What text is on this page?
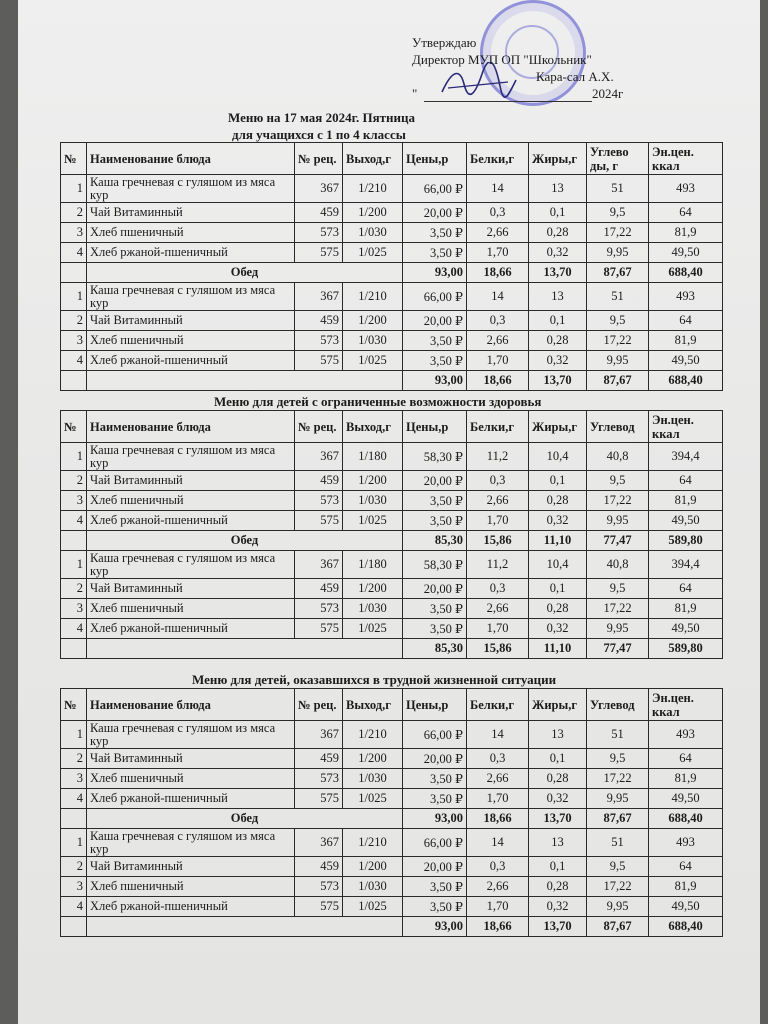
Утверждаю
Директор МУП ОП "Школьник"
Кара-сал А.Х.
"	2024г
Меню на 17 мая 2024г. Пятница
для учащихся с 1 по 4 классы
Меню для детей с ограниченные возможности здоровья
Меню для детей, оказавшихся в трудной жизненной ситуации
№	Наименование блюда	№ рец.	Выход,г	Цены,р	Белки,г	Жиры,г	Углево ды, г	Эн.цен. ккал
1	Каша гречневая с гуляшом из мяса кур	367	1/210	66,00 ₽	14	13	51	493
2	Чай Витаминный	459	1/200	20,00 ₽	0,3	0,1	9,5	64
3	Хлеб пшеничный	573	1/030	3,50 ₽	2,66	0,28	17,22	81,9
4	Хлеб ржаной-пшеничный	575	1/025	3,50 ₽	1,70	0,32	9,95	49,50
	Обед			93,00	18,66	13,70	87,67	688,40
1	Каша гречневая с гуляшом из мяса кур	367	1/210	66,00 ₽	14	13	51	493
2	Чай Витаминный	459	1/200	20,00 ₽	0,3	0,1	9,5	64
3	Хлеб пшеничный	573	1/030	3,50 ₽	2,66	0,28	17,22	81,9
4	Хлеб ржаной-пшеничный	575	1/025	3,50 ₽	1,70	0,32	9,95	49,50
				93,00	18,66	13,70	87,67	688,40
№	Наименование блюда	№ рец.	Выход,г	Цены,р	Белки,г	Жиры,г	Углевод	Эн.цен. ккал
1	Каша гречневая с гуляшом из мяса кур	367	1/180	58,30 ₽	11,2	10,4	40,8	394,4
2	Чай Витаминный	459	1/200	20,00 ₽	0,3	0,1	9,5	64
3	Хлеб пшеничный	573	1/030	3,50 ₽	2,66	0,28	17,22	81,9
4	Хлеб ржаной-пшеничный	575	1/025	3,50 ₽	1,70	0,32	9,95	49,50
	Обед			85,30	15,86	11,10	77,47	589,80
1	Каша гречневая с гуляшом из мяса кур	367	1/180	58,30 ₽	11,2	10,4	40,8	394,4
2	Чай Витаминный	459	1/200	20,00 ₽	0,3	0,1	9,5	64
3	Хлеб пшеничный	573	1/030	3,50 ₽	2,66	0,28	17,22	81,9
4	Хлеб ржаной-пшеничный	575	1/025	3,50 ₽	1,70	0,32	9,95	49,50
				85,30	15,86	11,10	77,47	589,80
№	Наименование блюда	№ рец.	Выход,г	Цены,р	Белки,г	Жиры,г	Углевод	Эн.цен. ккал
1	Каша гречневая с гуляшом из мяса кур	367	1/210	66,00 ₽	14	13	51	493
2	Чай Витаминный	459	1/200	20,00 ₽	0,3	0,1	9,5	64
3	Хлеб пшеничный	573	1/030	3,50 ₽	2,66	0,28	17,22	81,9
4	Хлеб ржаной-пшеничный	575	1/025	3,50 ₽	1,70	0,32	9,95	49,50
	Обед			93,00	18,66	13,70	87,67	688,40
1	Каша гречневая с гуляшом из мяса кур	367	1/210	66,00 ₽	14	13	51	493
2	Чай Витаминный	459	1/200	20,00 ₽	0,3	0,1	9,5	64
3	Хлеб пшеничный	573	1/030	3,50 ₽	2,66	0,28	17,22	81,9
4	Хлеб ржаной-пшеничный	575	1/025	3,50 ₽	1,70	0,32	9,95	49,50
				93,00	18,66	13,70	87,67	688,40
